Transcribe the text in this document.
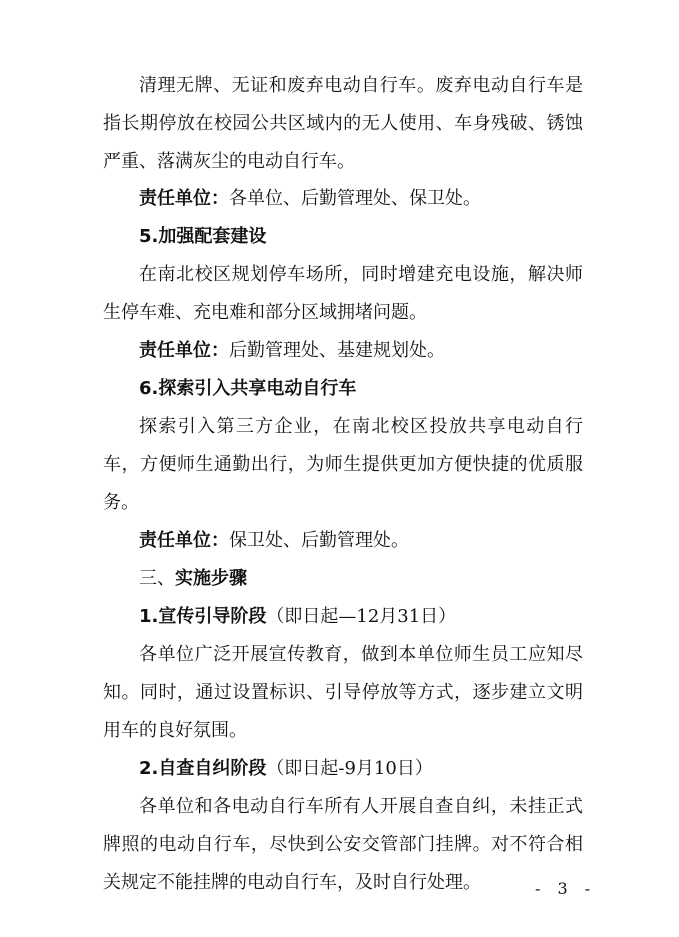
清理无牌、无证和废弃电动自行车。废弃电动自行车是
指长期停放在校园公共区域内的无人使用、车身残破、锈蚀
严重、落满灰尘的电动自行车。
责任单位：各单位、后勤管理处、保卫处。
5.加强配套建设
在南北校区规划停车场所，同时增建充电设施，解决师
生停车难、充电难和部分区域拥堵问题。
责任单位：后勤管理处、基建规划处。
6.探索引入共享电动自行车
探索引入第三方企业，在南北校区投放共享电动自行
车，方便师生通勤出行，为师生提供更加方便快捷的优质服
务。
责任单位：保卫处、后勤管理处。
三、实施步骤
1.宣传引导阶段（即日起—12月31日）
各单位广泛开展宣传教育，做到本单位师生员工应知尽
知。同时，通过设置标识、引导停放等方式，逐步建立文明
用车的良好氛围。
2.自查自纠阶段（即日起-9月10日）
各单位和各电动自行车所有人开展自查自纠，未挂正式
牌照的电动自行车，尽快到公安交管部门挂牌。对不符合相
关规定不能挂牌的电动自行车，及时自行处理。	- 3 -
